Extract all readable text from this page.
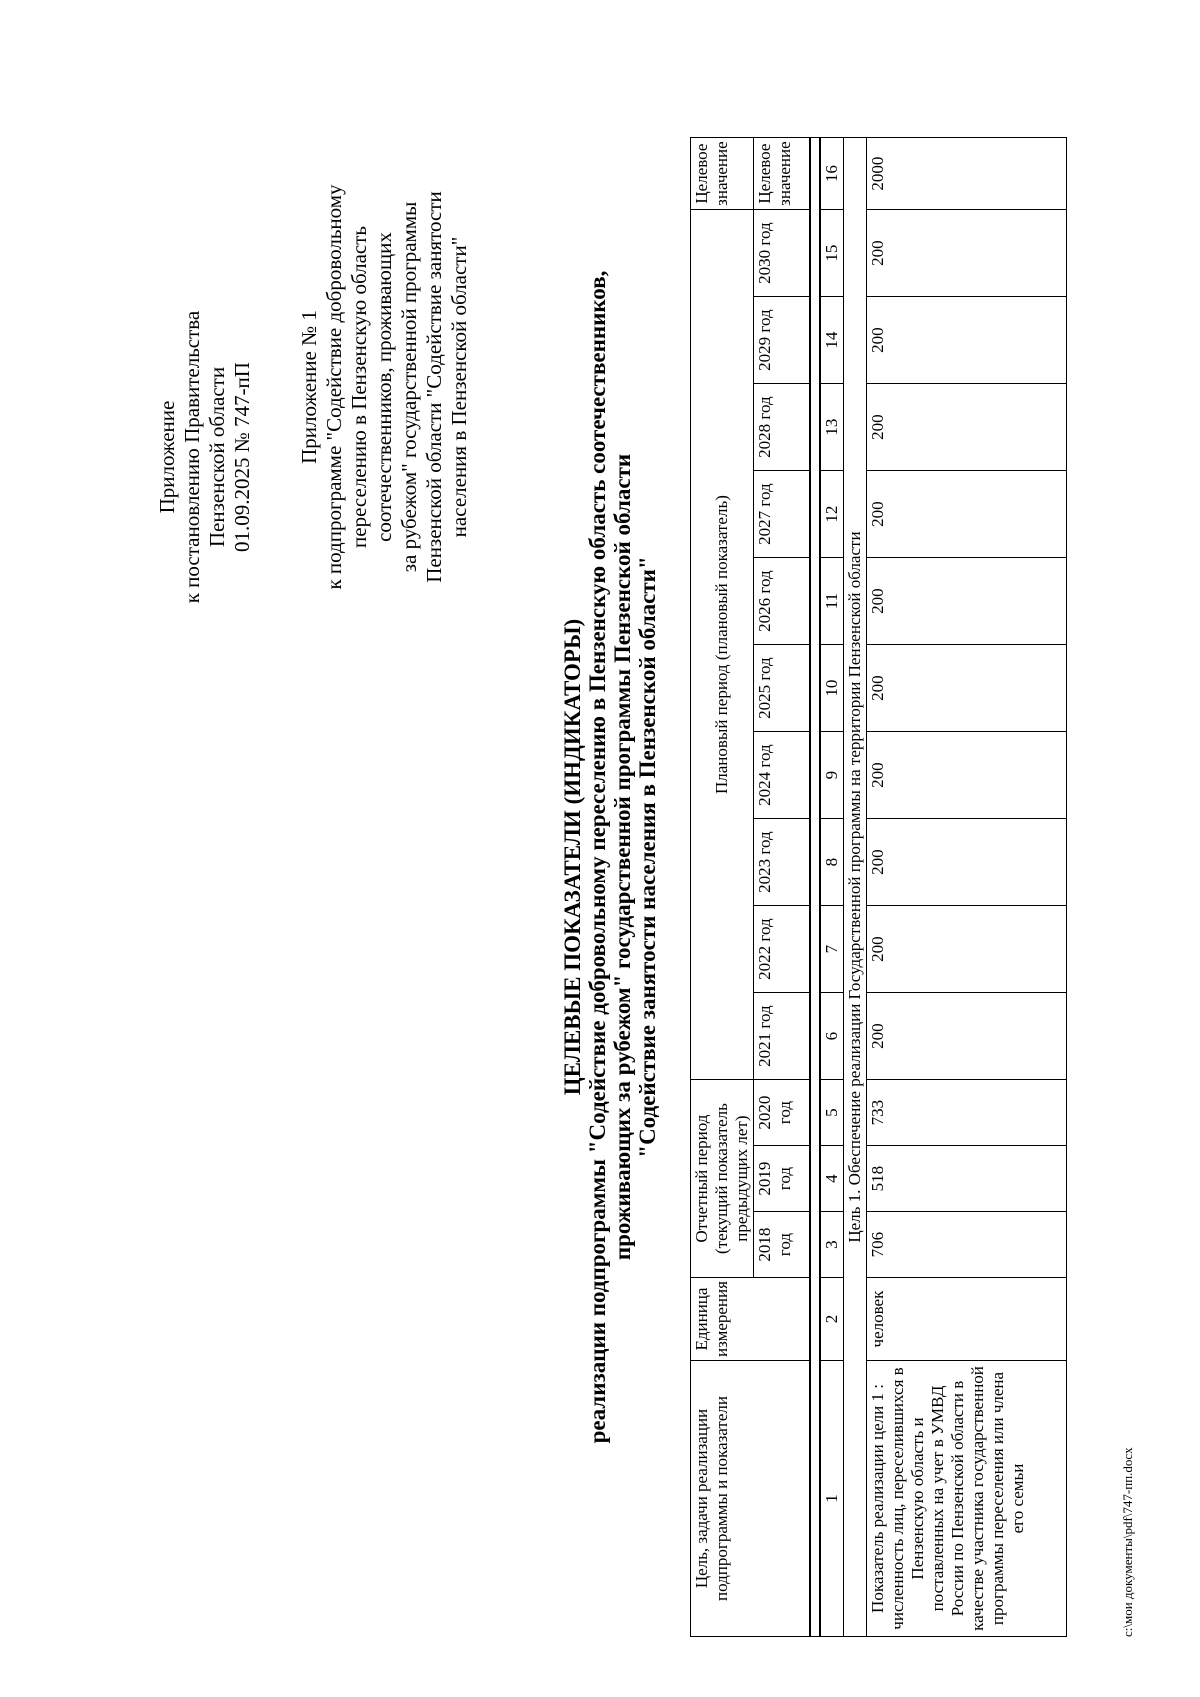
Приложение к постановлению Правительства Пензенской области 01.09.2025 № 747-пП Приложение № 1 к подпрограмме "Содействие добровольному переселению в Пензенскую область соотечественников, проживающих за рубежом" государственной программы Пензенской области "Содействие занятости населения в Пензенской области"
ЦЕЛЕВЫЕ ПОКАЗАТЕЛИ (ИНДИКАТОРЫ) реализации подпрограммы "Содействие добровольному переселению в Пензенскую область соотечественников, проживающих за рубежом" государственной программы Пензенской области "Содействие занятости населения в Пензенской области"
Цель, задачи реализации подпрограммы и показатели	Единица измерения	Отчетный период (текущий показатель предыдущих лет)			Плановый период (плановый показатель)										Целевое значение
		2018 год	2019 год	2020 год	2021 год	2022 год	2023 год	2024 год	2025 год	2026 год	2027 год	2028 год	2029 год	2030 год	Целевое значение

1	2	3	4	5	6	7	8	9	10	11	12	13	14	15	16
Цель 1. Обеспечение реализации Государственной программы на территории Пензенской области															
Показатель реализации цели 1 : численность лиц, переселившихся в Пензенскую область и поставленных на учет в УМВД России по Пензенской области в качестве участника государственной программы переселения или члена его семьи	человек	706	518	733	200	200	200	200	200	200	200	200	200	200	2000
c:\мои документы\pdf\747-пп.docx
